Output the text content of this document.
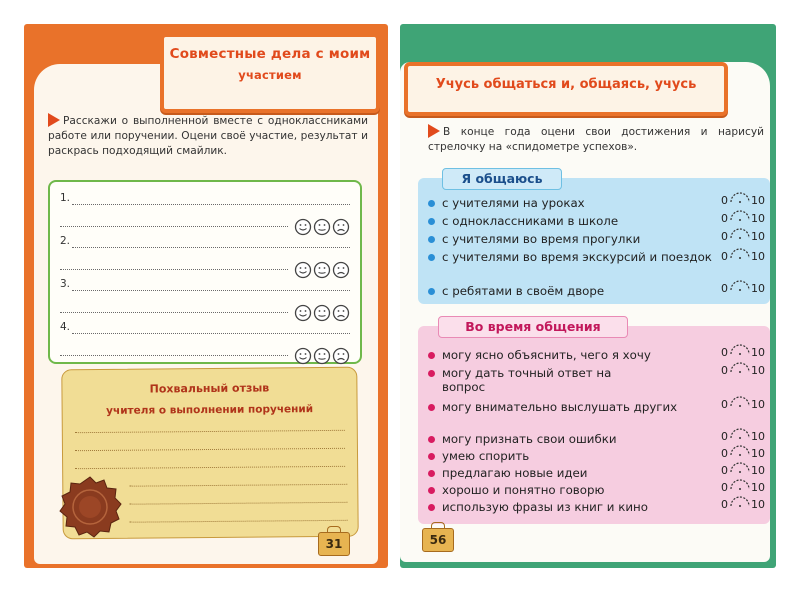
Совместные дела с моим
участием
Расскажи о выполненной вместе с одноклассниками работе или поручении. Оцени своё участие, результат и раскрась подходящий смайлик.
1.
2.
3.
4.
Похвальный отзыв
учителя о выполнении поручений
31
Учусь общаться и, общаясь, учусь
В конце года оцени свои достижения и нарисуй стрелочку на «спидометре успехов».
Я общаюсь
Во время общения
с учителями на уроках
с одноклассниками в школе
с учителями во время прогулки
с учителями во время экскурсий и поездок
с ребятами в своём дворе
могу ясно объяснить, чего я хочу
могу дать точный ответ на вопрос
могу внимательно выслушать других
могу признать свои ошибки
умею спорить
предлагаю новые идеи
хорошо и понятно говорю
использую фразы из книг и кино
0 10
0 10
0 10
0 10
0 10
0 10
0 10
0 10
0 10
0 10
0 10
0 10
0 10
56
